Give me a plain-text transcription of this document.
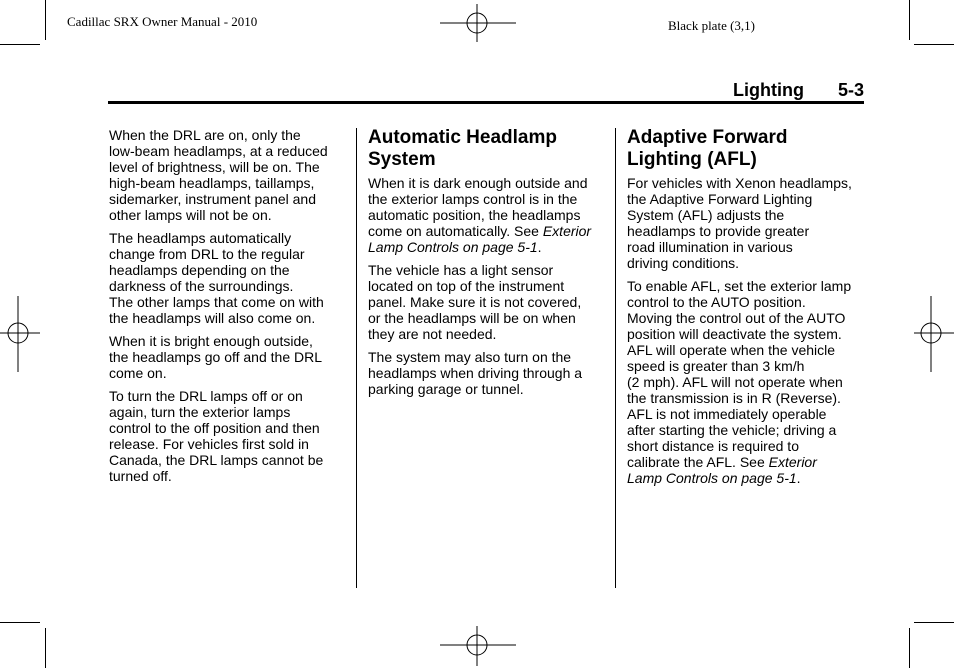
Cadillac SRX Owner Manual - 2010	Black plate (3,1)
Lighting 5-3

When the DRL are on, only the
low-beam headlamps, at a reduced
level of brightness, will be on. The
high-beam headlamps, taillamps,
sidemarker, instrument panel and
other lamps will not be on.

The headlamps automatically
change from DRL to the regular
headlamps depending on the
darkness of the surroundings.
The other lamps that come on with
the headlamps will also come on.

When it is bright enough outside,
the headlamps go off and the DRL
come on.

To turn the DRL lamps off or on
again, turn the exterior lamps
control to the off position and then
release. For vehicles first sold in
Canada, the DRL lamps cannot be
turned off.

Automatic Headlamp
System

When it is dark enough outside and
the exterior lamps control is in the
automatic position, the headlamps
come on automatically. See Exterior
Lamp Controls on page 5-1.

The vehicle has a light sensor
located on top of the instrument
panel. Make sure it is not covered,
or the headlamps will be on when
they are not needed.

The system may also turn on the
headlamps when driving through a
parking garage or tunnel.

Adaptive Forward
Lighting (AFL)

For vehicles with Xenon headlamps,
the Adaptive Forward Lighting
System (AFL) adjusts the
headlamps to provide greater
road illumination in various
driving conditions.

To enable AFL, set the exterior lamp
control to the AUTO position.
Moving the control out of the AUTO
position will deactivate the system.
AFL will operate when the vehicle
speed is greater than 3 km/h
(2 mph). AFL will not operate when
the transmission is in R (Reverse).
AFL is not immediately operable
after starting the vehicle; driving a
short distance is required to
calibrate the AFL. See Exterior
Lamp Controls on page 5-1.
